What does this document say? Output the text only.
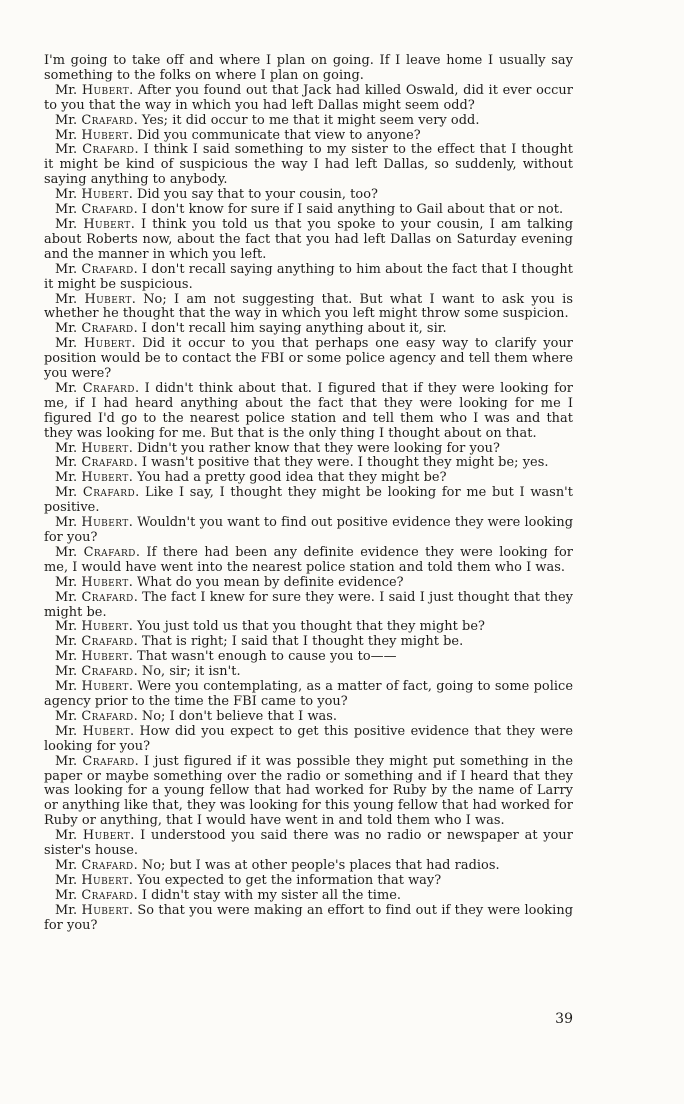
I'm going to take off and where I plan on going. If I leave home I usually say something to the folks on where I plan on going.

Mr. Hubert. After you found out that Jack had killed Oswald, did it ever occur to you that the way in which you had left Dallas might seem odd?

Mr. Crafard. Yes; it did occur to me that it might seem very odd.

Mr. Hubert. Did you communicate that view to anyone?

Mr. Crafard. I think I said something to my sister to the effect that I thought it might be kind of suspicious the way I had left Dallas, so suddenly, without saying anything to anybody.

Mr. Hubert. Did you say that to your cousin, too?

Mr. Crafard. I don't know for sure if I said anything to Gail about that or not.

Mr. Hubert. I think you told us that you spoke to your cousin, I am talking about Roberts now, about the fact that you had left Dallas on Saturday evening and the manner in which you left.

Mr. Crafard. I don't recall saying anything to him about the fact that I thought it might be suspicious.

Mr. Hubert. No; I am not suggesting that. But what I want to ask you is whether he thought that the way in which you left might throw some suspicion.

Mr. Crafard. I don't recall him saying anything about it, sir.

Mr. Hubert. Did it occur to you that perhaps one easy way to clarify your position would be to contact the FBI or some police agency and tell them where you were?

Mr. Crafard. I didn't think about that. I figured that if they were looking for me, if I had heard anything about the fact that they were looking for me I figured I'd go to the nearest police station and tell them who I was and that they was looking for me. But that is the only thing I thought about on that.

Mr. Hubert. Didn't you rather know that they were looking for you?

Mr. Crafard. I wasn't positive that they were. I thought they might be; yes.

Mr. Hubert. You had a pretty good idea that they might be?

Mr. Crafard. Like I say, I thought they might be looking for me but I wasn't positive.

Mr. Hubert. Wouldn't you want to find out positive evidence they were looking for you?

Mr. Crafard. If there had been any definite evidence they were looking for me, I would have went into the nearest police station and told them who I was.

Mr. Hubert. What do you mean by definite evidence?

Mr. Crafard. The fact I knew for sure they were. I said I just thought that they might be.

Mr. Hubert. You just told us that you thought that they might be?

Mr. Crafard. That is right; I said that I thought they might be.

Mr. Hubert. That wasn't enough to cause you to——

Mr. Crafard. No, sir; it isn't.

Mr. Hubert. Were you contemplating, as a matter of fact, going to some police agency prior to the time the FBI came to you?

Mr. Crafard. No; I don't believe that I was.

Mr. Hubert. How did you expect to get this positive evidence that they were looking for you?

Mr. Crafard. I just figured if it was possible they might put something in the paper or maybe something over the radio or something and if I heard that they was looking for a young fellow that had worked for Ruby by the name of Larry or anything like that, they was looking for this young fellow that had worked for Ruby or anything, that I would have went in and told them who I was.

Mr. Hubert. I understood you said there was no radio or newspaper at your sister's house.

Mr. Crafard. No; but I was at other people's places that had radios.

Mr. Hubert. You expected to get the information that way?

Mr. Crafard. I didn't stay with my sister all the time.

Mr. Hubert. So that you were making an effort to find out if they were looking for you?

39
